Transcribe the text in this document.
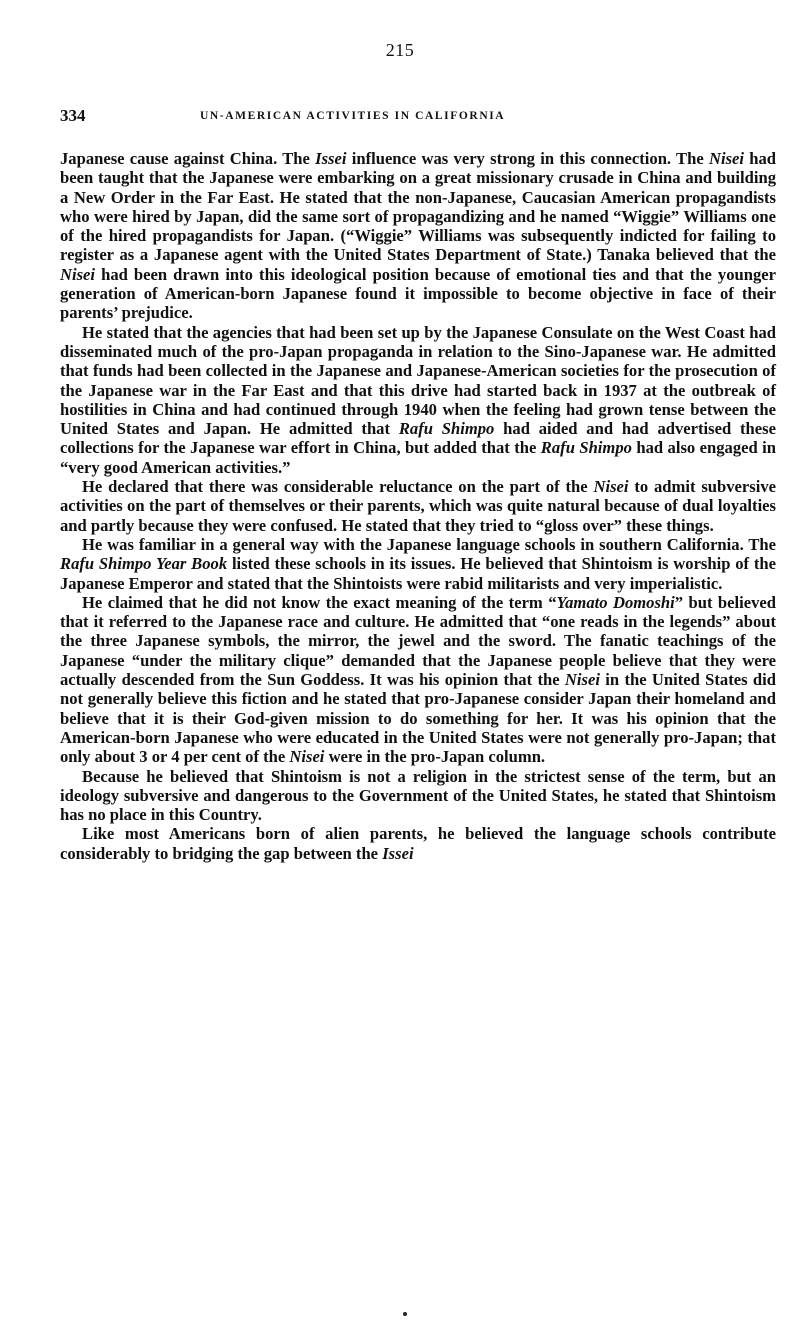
215
334	UN-AMERICAN ACTIVITIES IN CALIFORNIA

Japanese cause against China. The Issei influence was very strong in this connection. The Nisei had been taught that the Japanese were embarking on a great missionary crusade in China and building a New Order in the Far East. He stated that the non-Japanese, Caucasian American propagandists who were hired by Japan, did the same sort of propagandizing and he named “Wiggie” Williams one of the hired propagandists for Japan. (“Wiggie” Williams was subsequently indicted for failing to register as a Japanese agent with the United States Department of State.) Tanaka believed that the Nisei had been drawn into this ideological position because of emotional ties and that the younger generation of American-born Japanese found it impossible to become objective in face of their parents’ prejudice.

He stated that the agencies that had been set up by the Japanese Consulate on the West Coast had disseminated much of the pro-Japan propaganda in relation to the Sino-Japanese war. He admitted that funds had been collected in the Japanese and Japanese-American societies for the prosecution of the Japanese war in the Far East and that this drive had started back in 1937 at the outbreak of hostilities in China and had continued through 1940 when the feeling had grown tense between the United States and Japan. He admitted that Rafu Shimpo had aided and had advertised these collections for the Japanese war effort in China, but added that the Rafu Shimpo had also engaged in “very good American activities.”

He declared that there was considerable reluctance on the part of the Nisei to admit subversive activities on the part of themselves or their parents, which was quite natural because of dual loyalties and partly because they were confused. He stated that they tried to “gloss over” these things.

He was familiar in a general way with the Japanese language schools in southern California. The Rafu Shimpo Year Book listed these schools in its issues. He believed that Shintoism is worship of the Japanese Emperor and stated that the Shintoists were rabid militarists and very imperialistic.

He claimed that he did not know the exact meaning of the term “Yamato Domoshi” but believed that it referred to the Japanese race and culture. He admitted that “one reads in the legends” about the three Japanese symbols, the mirror, the jewel and the sword. The fanatic teachings of the Japanese “under the military clique” demanded that the Japanese people believe that they were actually descended from the Sun Goddess. It was his opinion that the Nisei in the United States did not generally believe this fiction and he stated that pro-Japanese consider Japan their homeland and believe that it is their God-given mission to do something for her. It was his opinion that the American-born Japanese who were educated in the United States were not generally pro-Japan; that only about 3 or 4 per cent of the Nisei were in the pro-Japan column.

Because he believed that Shintoism is not a religion in the strictest sense of the term, but an ideology subversive and dangerous to the Government of the United States, he stated that Shintoism has no place in this Country.

Like most Americans born of alien parents, he believed the language schools contribute considerably to bridging the gap between the Issei
